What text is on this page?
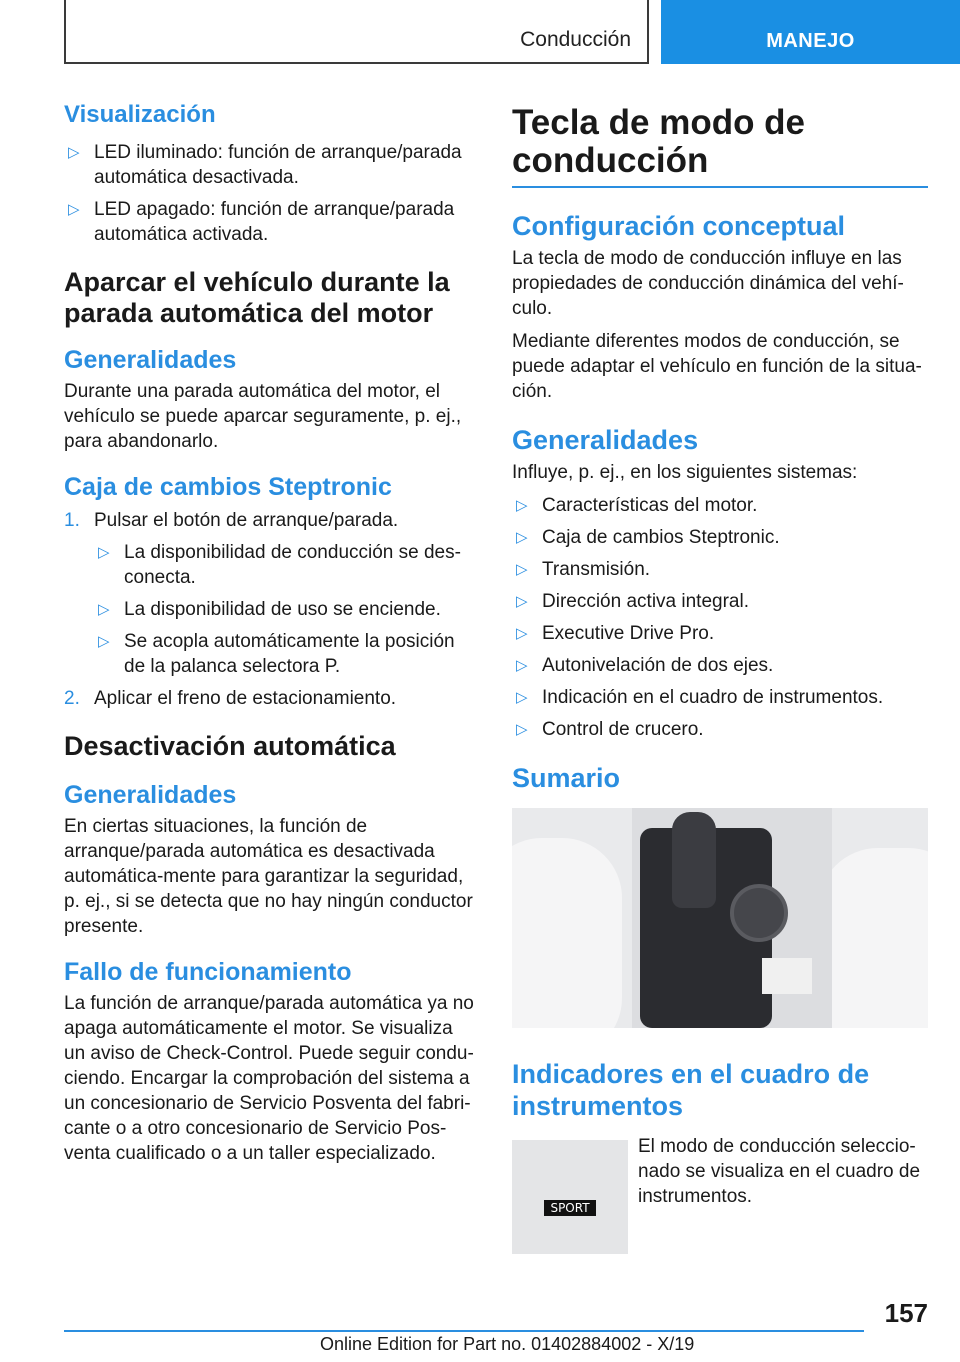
Conducción	MANEJO
Visualización
▷ LED iluminado: función de arranque/parada automática desactivada.
▷ LED apagado: función de arranque/parada automática activada.
Aparcar el vehículo durante la parada automática del motor
Generalidades
Durante una parada automática del motor, el vehículo se puede aparcar seguramente, p. ej., para abandonarlo.
Caja de cambios Steptronic
1. Pulsar el botón de arranque/parada.
▷ La disponibilidad de conducción se des-conecta.
▷ La disponibilidad de uso se enciende.
▷ Se acopla automáticamente la posición de la palanca selectora P.
2. Aplicar el freno de estacionamiento.
Desactivación automática
Generalidades
En ciertas situaciones, la función de arranque/parada automática es desactivada automática-mente para garantizar la seguridad, p. ej., si se detecta que no hay ningún conductor presente.
Fallo de funcionamiento
La función de arranque/parada automática ya no apaga automáticamente el motor. Se visualiza un aviso de Check-Control. Puede seguir condu-ciendo. Encargar la comprobación del sistema a un concesionario de Servicio Posventa del fabri-cante o a otro concesionario de Servicio Pos-venta cualificado o a un taller especializado.
Tecla de modo de conducción
Configuración conceptual
La tecla de modo de conducción influye en las propiedades de conducción dinámica del vehí-culo.
Mediante diferentes modos de conducción, se puede adaptar el vehículo en función de la situa-ción.
Generalidades
Influye, p. ej., en los siguientes sistemas:
▷ Características del motor.
▷ Caja de cambios Steptronic.
▷ Transmisión.
▷ Dirección activa integral.
▷ Executive Drive Pro.
▷ Autonivelación de dos ejes.
▷ Indicación en el cuadro de instrumentos.
▷ Control de crucero.
Sumario
Indicadores en el cuadro de instrumentos
SPORT
El modo de conducción seleccio-nado se visualiza en el cuadro de instrumentos.
157
Online Edition for Part no. 01402884002 - X/19
